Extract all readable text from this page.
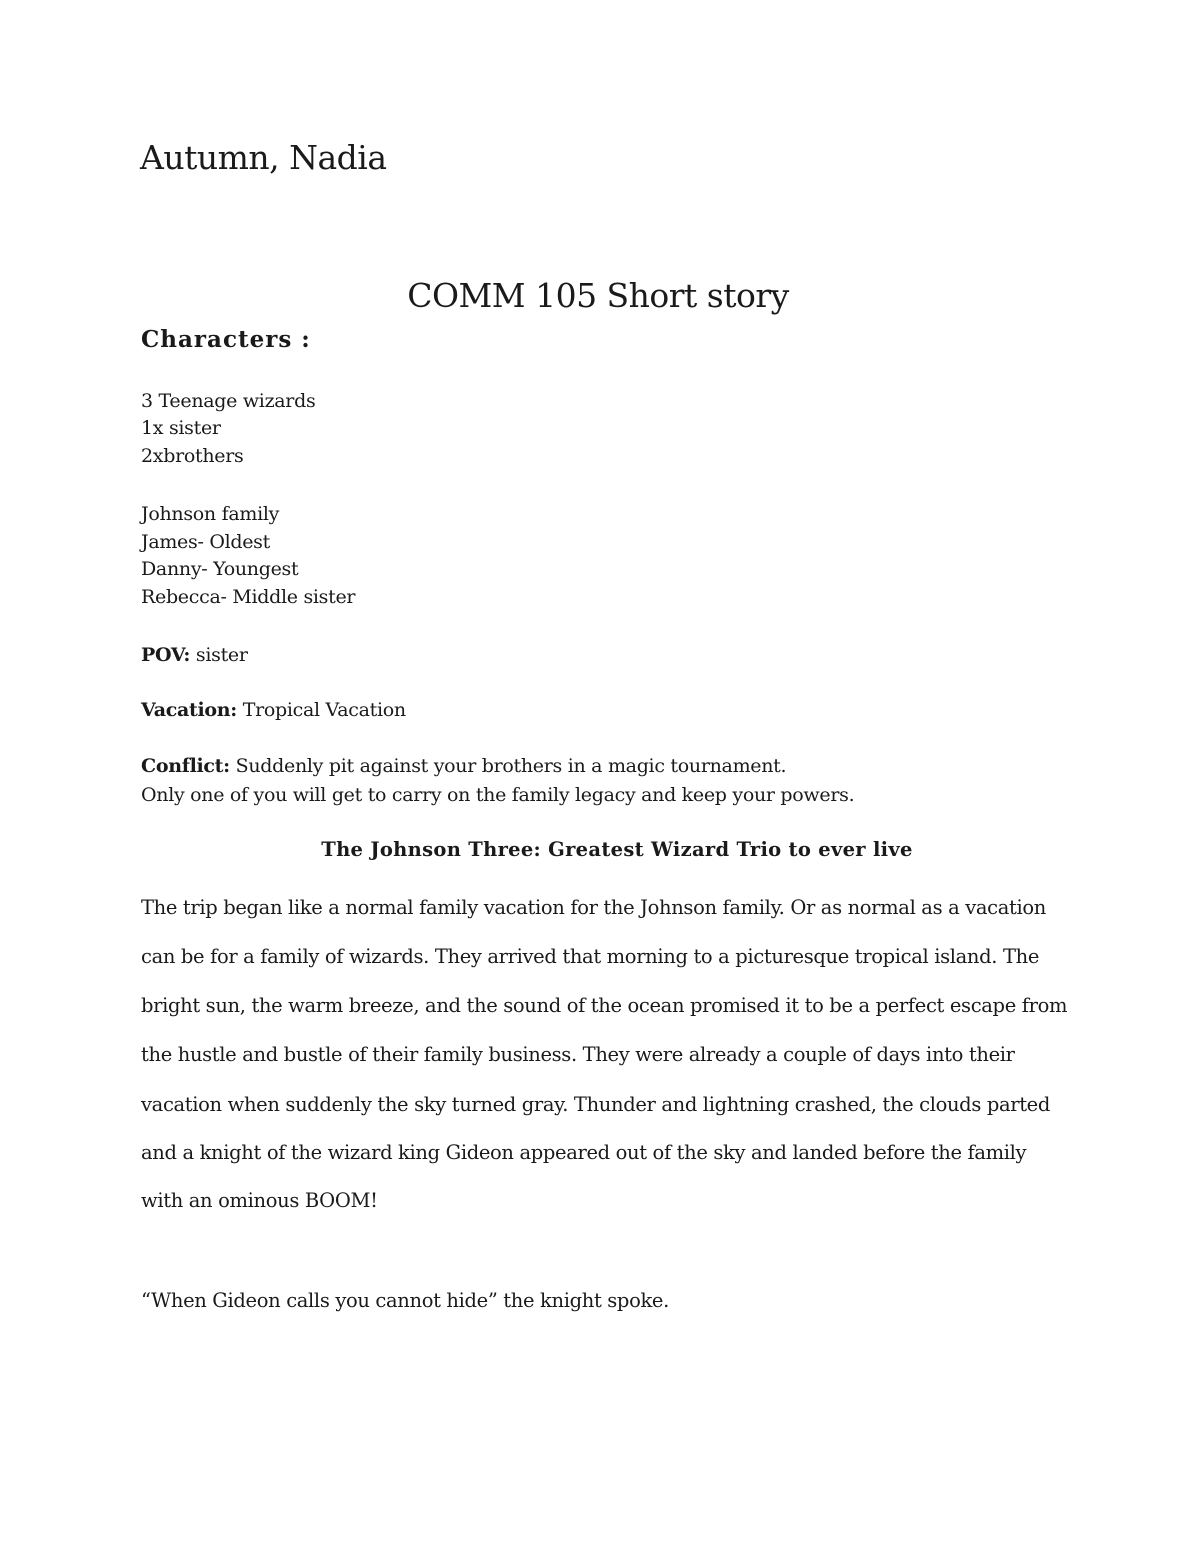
Autumn, Nadia
COMM 105 Short story
Characters :

3 Teenage wizards

1x sister

2xbrothers

Johnson family

James- Oldest

Danny- Youngest

Rebecca- Middle sister

POV: sister

Vacation: Tropical Vacation

Conflict: Suddenly pit against your brothers in a magic tournament.

Only one of you will get to carry on the family legacy and keep your powers.

The Johnson Three: Greatest Wizard Trio to ever live

The trip began like a normal family vacation for the Johnson family. Or as normal as a vacation

can be for a family of wizards. They arrived that morning to a picturesque tropical island. The

bright sun, the warm breeze, and the sound of the ocean promised it to be a perfect escape from

the hustle and bustle of their family business. They were already a couple of days into their

vacation when suddenly the sky turned gray. Thunder and lightning crashed, the clouds parted

and a knight of the wizard king Gideon appeared out of the sky and landed before the family

with an ominous BOOM!

“When Gideon calls you cannot hide” the knight spoke.
